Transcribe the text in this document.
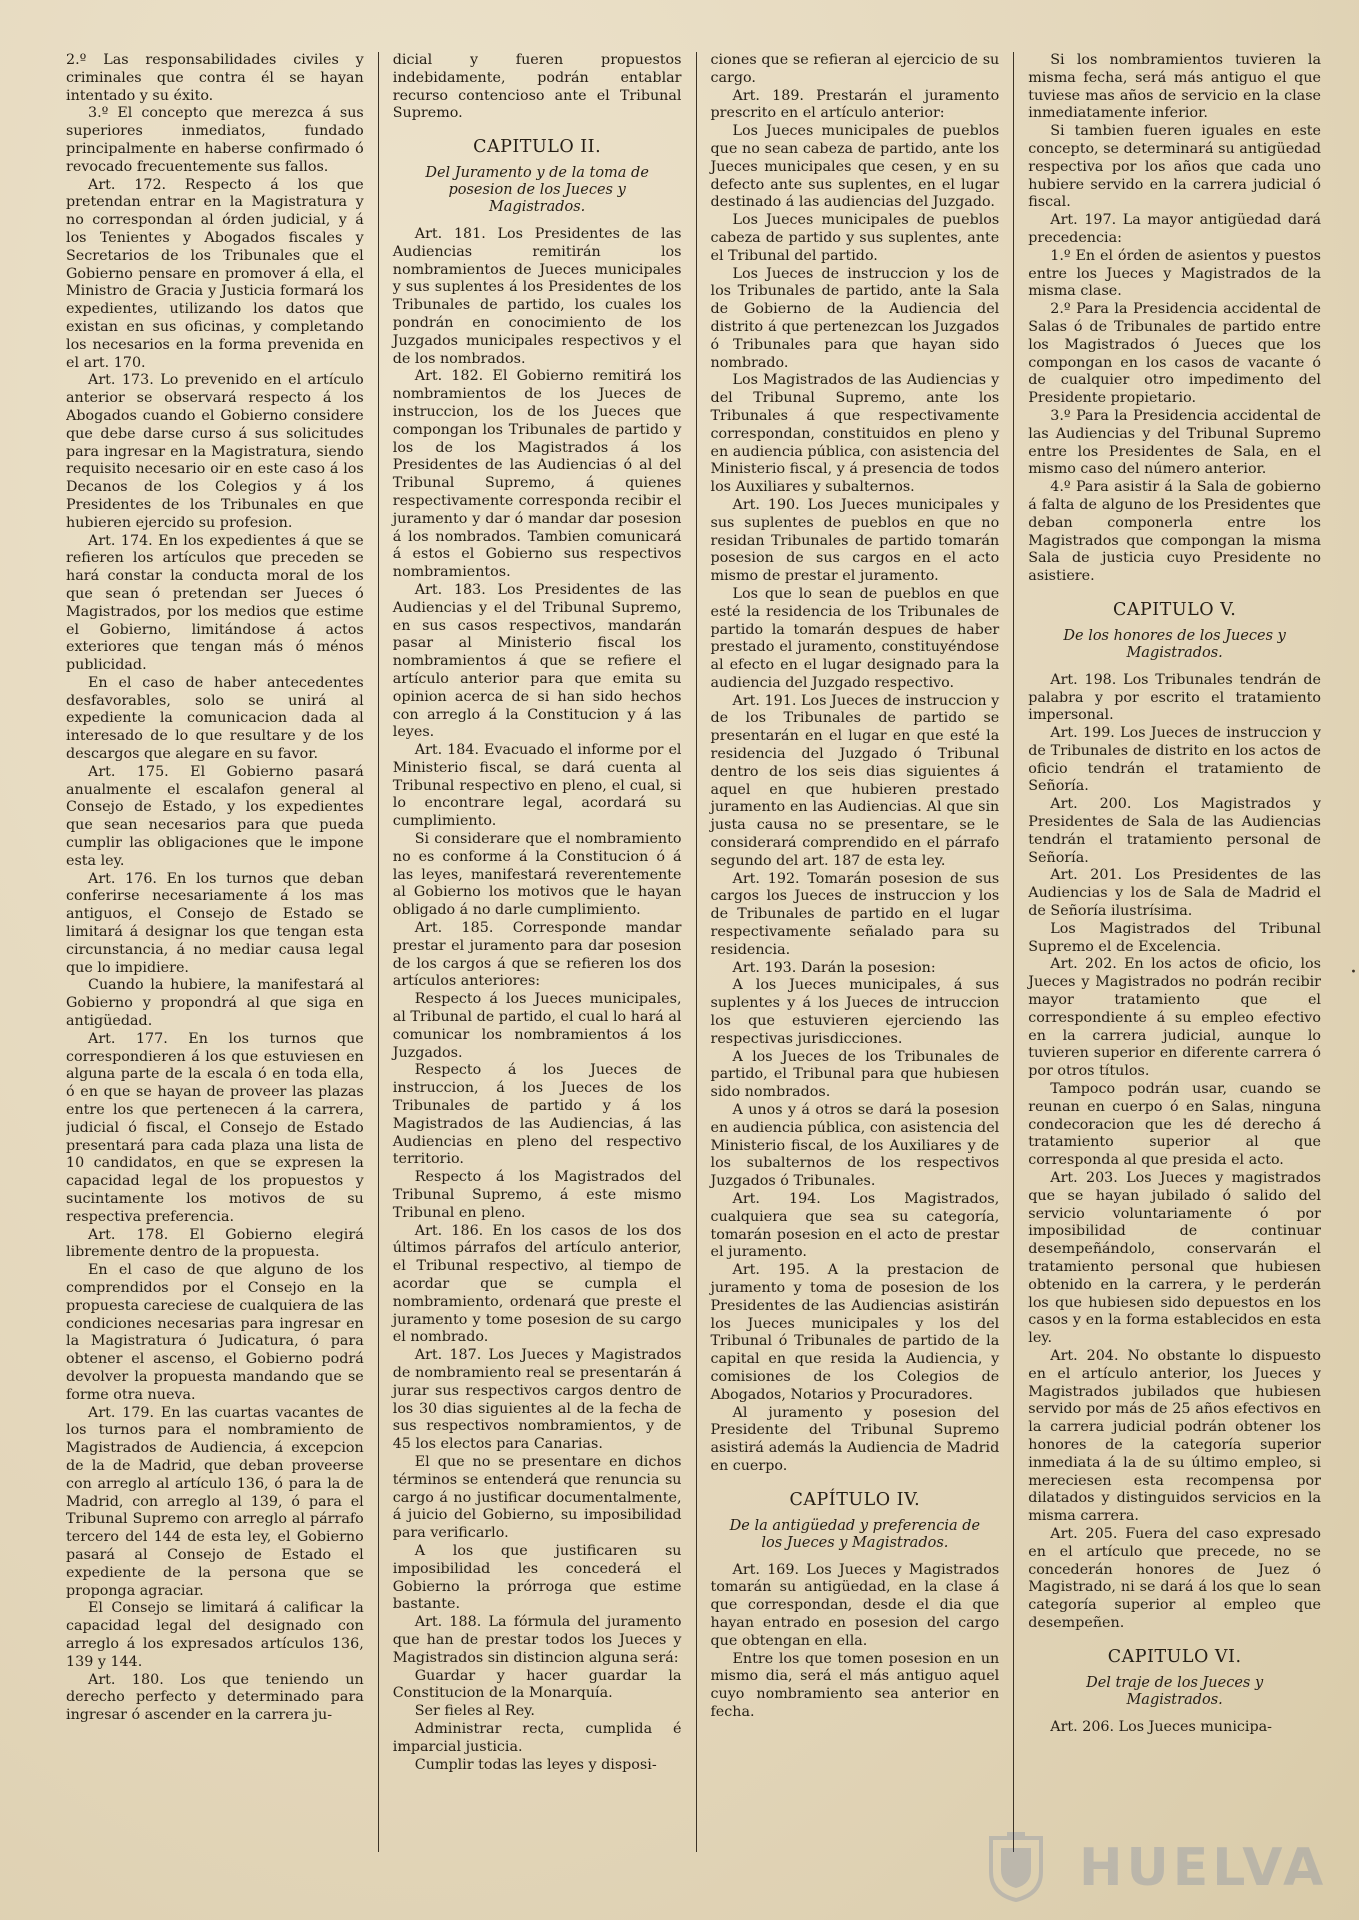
2.º Las responsabilidades civiles y criminales que contra él se hayan intentado y su éxito.

3.º El concepto que merezca á sus superiores inmediatos, fundado principalmente en haberse confirmado ó revocado frecuentemente sus fallos.

Art. 172. Respecto á los que pretendan entrar en la Magistratura y no correspondan al órden judicial, y á los Tenientes y Abogados fiscales y Secretarios de los Tribunales que el Gobierno pensare en promover á ella, el Ministro de Gracia y Justicia formará los expedientes, utilizando los datos que existan en sus oficinas, y completando los necesarios en la forma prevenida en el art. 170.

Art. 173. Lo prevenido en el artículo anterior se observará respecto á los Abogados cuando el Gobierno considere que debe darse curso á sus solicitudes para ingresar en la Magistratura, siendo requisito necesario oir en este caso á los Decanos de los Colegios y á los Presidentes de los Tribunales en que hubieren ejercido su profesion.

Art. 174. En los expedientes á que se refieren los artículos que preceden se hará constar la conducta moral de los que sean ó pretendan ser Jueces ó Magistrados, por los medios que estime el Gobierno, limitándose á actos exteriores que tengan más ó ménos publicidad.

En el caso de haber antecedentes desfavorables, solo se unirá al expediente la comunicacion dada al interesado de lo que resultare y de los descargos que alegare en su favor.

Art. 175. El Gobierno pasará anualmente el escalafon general al Consejo de Estado, y los expedientes que sean necesarios para que pueda cumplir las obligaciones que le impone esta ley.

Art. 176. En los turnos que deban conferirse necesariamente á los mas antiguos, el Consejo de Estado se limitará á designar los que tengan esta circunstancia, á no mediar causa legal que lo impidiere.

Cuando la hubiere, la manifestará al Gobierno y propondrá al que siga en antigüedad.

Art. 177. En los turnos que correspondieren á los que estuviesen en alguna parte de la escala ó en toda ella, ó en que se hayan de proveer las plazas entre los que pertenecen á la carrera, judicial ó fiscal, el Consejo de Estado presentará para cada plaza una lista de 10 candidatos, en que se expresen la capacidad legal de los propuestos y sucintamente los motivos de su respectiva preferencia.

Art. 178. El Gobierno elegirá libremente dentro de la propuesta.

En el caso de que alguno de los comprendidos por el Consejo en la propuesta careciese de cualquiera de las condiciones necesarias para ingresar en la Magistratura ó Judicatura, ó para obtener el ascenso, el Gobierno podrá devolver la propuesta mandando que se forme otra nueva.

Art. 179. En las cuartas vacantes de los turnos para el nombramiento de Magistrados de Audiencia, á excepcion de la de Madrid, que deban proveerse con arreglo al artículo 136, ó para la de Madrid, con arreglo al 139, ó para el Tribunal Supremo con arreglo al párrafo tercero del 144 de esta ley, el Gobierno pasará al Consejo de Estado el expediente de la persona que se proponga agraciar.

El Consejo se limitará á calificar la capacidad legal del designado con arreglo á los expresados artículos 136, 139 y 144.

Art. 180. Los que teniendo un derecho perfecto y determinado para ingresar ó ascender en la carrera ju-

dicial y fueren propuestos indebidamente, podrán entablar recurso contencioso ante el Tribunal Supremo.

CAPITULO II.
Del Juramento y de la toma de posesion de los Jueces y Magistrados.

Art. 181. Los Presidentes de las Audiencias remitirán los nombramientos de Jueces municipales y sus suplentes á los Presidentes de los Tribunales de partido, los cuales los pondrán en conocimiento de los Juzgados municipales respectivos y el de los nombrados.

Art. 182. El Gobierno remitirá los nombramientos de los Jueces de instruccion, los de los Jueces que compongan los Tribunales de partido y los de los Magistrados á los Presidentes de las Audiencias ó al del Tribunal Supremo, á quienes respectivamente corresponda recibir el juramento y dar ó mandar dar posesion á los nombrados. Tambien comunicará á estos el Gobierno sus respectivos nombramientos.

Art. 183. Los Presidentes de las Audiencias y el del Tribunal Supremo, en sus casos respectivos, mandarán pasar al Ministerio fiscal los nombramientos á que se refiere el artículo anterior para que emita su opinion acerca de si han sido hechos con arreglo á la Constitucion y á las leyes.

Art. 184. Evacuado el informe por el Ministerio fiscal, se dará cuenta al Tribunal respectivo en pleno, el cual, si lo encontrare legal, acordará su cumplimiento.

Si considerare que el nombramiento no es conforme á la Constitucion ó á las leyes, manifestará reverentemente al Gobierno los motivos que le hayan obligado á no darle cumplimiento.

Art. 185. Corresponde mandar prestar el juramento para dar posesion de los cargos á que se refieren los dos artículos anteriores:

Respecto á los Jueces municipales, al Tribunal de partido, el cual lo hará al comunicar los nombramientos á los Juzgados.

Respecto á los Jueces de instruccion, á los Jueces de los Tribunales de partido y á los Magistrados de las Audiencias, á las Audiencias en pleno del respectivo territorio.

Respecto á los Magistrados del Tribunal Supremo, á este mismo Tribunal en pleno.

Art. 186. En los casos de los dos últimos párrafos del artículo anterior, el Tribunal respectivo, al tiempo de acordar que se cumpla el nombramiento, ordenará que preste el juramento y tome posesion de su cargo el nombrado.

Art. 187. Los Jueces y Magistrados de nombramiento real se presentarán á jurar sus respectivos cargos dentro de los 30 dias siguientes al de la fecha de sus respectivos nombramientos, y de 45 los electos para Canarias.

El que no se presentare en dichos términos se entenderá que renuncia su cargo á no justificar documentalmente, á juicio del Gobierno, su imposibilidad para verificarlo.

A los que justificaren su imposibilidad les concederá el Gobierno la prórroga que estime bastante.

Art. 188. La fórmula del juramento que han de prestar todos los Jueces y Magistrados sin distincion alguna será:

Guardar y hacer guardar la Constitucion de la Monarquía.

Ser fieles al Rey.

Administrar recta, cumplida é imparcial justicia.

Cumplir todas las leyes y disposi-

ciones que se refieran al ejercicio de su cargo.

Art. 189. Prestarán el juramento prescrito en el artículo anterior:

Los Jueces municipales de pueblos que no sean cabeza de partido, ante los Jueces municipales que cesen, y en su defecto ante sus suplentes, en el lugar destinado á las audiencias del Juzgado.

Los Jueces municipales de pueblos cabeza de partido y sus suplentes, ante el Tribunal del partido.

Los Jueces de instruccion y los de los Tribunales de partido, ante la Sala de Gobierno de la Audiencia del distrito á que pertenezcan los Juzgados ó Tribunales para que hayan sido nombrado.

Los Magistrados de las Audiencias y del Tribunal Supremo, ante los Tribunales á que respectivamente correspondan, constituidos en pleno y en audiencia pública, con asistencia del Ministerio fiscal, y á presencia de todos los Auxiliares y subalternos.

Art. 190. Los Jueces municipales y sus suplentes de pueblos en que no residan Tribunales de partido tomarán posesion de sus cargos en el acto mismo de prestar el juramento.

Los que lo sean de pueblos en que esté la residencia de los Tribunales de partido la tomarán despues de haber prestado el juramento, constituyéndose al efecto en el lugar designado para la audiencia del Juzgado respectivo.

Art. 191. Los Jueces de instruccion y de los Tribunales de partido se presentarán en el lugar en que esté la residencia del Juzgado ó Tribunal dentro de los seis dias siguientes á aquel en que hubieren prestado juramento en las Audiencias. Al que sin justa causa no se presentare, se le considerará comprendido en el párrafo segundo del art. 187 de esta ley.

Art. 192. Tomarán posesion de sus cargos los Jueces de instruccion y los de Tribunales de partido en el lugar respectivamente señalado para su residencia.

Art. 193. Darán la posesion:

A los Jueces municipales, á sus suplentes y á los Jueces de intruccion los que estuvieren ejerciendo las respectivas jurisdicciones.

A los Jueces de los Tribunales de partido, el Tribunal para que hubiesen sido nombrados.

A unos y á otros se dará la posesion en audiencia pública, con asistencia del Ministerio fiscal, de los Auxiliares y de los subalternos de los respectivos Juzgados ó Tribunales.

Art. 194. Los Magistrados, cualquiera que sea su categoría, tomarán posesion en el acto de prestar el juramento.

Art. 195. A la prestacion de juramento y toma de posesion de los Presidentes de las Audiencias asistirán los Jueces municipales y los del Tribunal ó Tribunales de partido de la capital en que resida la Audiencia, y comisiones de los Colegios de Abogados, Notarios y Procuradores.

Al juramento y posesion del Presidente del Tribunal Supremo asistirá además la Audiencia de Madrid en cuerpo.

CAPÍTULO IV.
De la antigüedad y preferencia de los Jueces y Magistrados.

Art. 169. Los Jueces y Magistrados tomarán su antigüedad, en la clase á que correspondan, desde el dia que hayan entrado en posesion del cargo que obtengan en ella.

Entre los que tomen posesion en un mismo dia, será el más antiguo aquel cuyo nombramiento sea anterior en fecha.

Si los nombramientos tuvieren la misma fecha, será más antiguo el que tuviese mas años de servicio en la clase inmediatamente inferior.

Si tambien fueren iguales en este concepto, se determinará su antigüedad respectiva por los años que cada uno hubiere servido en la carrera judicial ó fiscal.

Art. 197. La mayor antigüedad dará precedencia:

1.º En el órden de asientos y puestos entre los Jueces y Magistrados de la misma clase.

2.º Para la Presidencia accidental de Salas ó de Tribunales de partido entre los Magistrados ó Jueces que los compongan en los casos de vacante ó de cualquier otro impedimento del Presidente propietario.

3.º Para la Presidencia accidental de las Audiencias y del Tribunal Supremo entre los Presidentes de Sala, en el mismo caso del número anterior.

4.º Para asistir á la Sala de gobierno á falta de alguno de los Presidentes que deban componerla entre los Magistrados que compongan la misma Sala de justicia cuyo Presidente no asistiere.

CAPITULO V.
De los honores de los Jueces y Magistrados.

Art. 198. Los Tribunales tendrán de palabra y por escrito el tratamiento impersonal.

Art. 199. Los Jueces de instruccion y de Tribunales de distrito en los actos de oficio tendrán el tratamiento de Señoría.

Art. 200. Los Magistrados y Presidentes de Sala de las Audiencias tendrán el tratamiento personal de Señoría.

Art. 201. Los Presidentes de las Audiencias y los de Sala de Madrid el de Señoría ilustrísima.

Los Magistrados del Tribunal Supremo el de Excelencia.

Art. 202. En los actos de oficio, los Jueces y Magistrados no podrán recibir mayor tratamiento que el correspondiente á su empleo efectivo en la carrera judicial, aunque lo tuvieren superior en diferente carrera ó por otros títulos.

Tampoco podrán usar, cuando se reunan en cuerpo ó en Salas, ninguna condecoracion que les dé derecho á tratamiento superior al que corresponda al que presida el acto.

Art. 203. Los Jueces y magistrados que se hayan jubilado ó salido del servicio voluntariamente ó por imposibilidad de continuar desempeñándolo, conservarán el tratamiento personal que hubiesen obtenido en la carrera, y le perderán los que hubiesen sido depuestos en los casos y en la forma establecidos en esta ley.

Art. 204. No obstante lo dispuesto en el artículo anterior, los Jueces y Magistrados jubilados que hubiesen servido por más de 25 años efectivos en la carrera judicial podrán obtener los honores de la categoría superior inmediata á la de su último empleo, si mereciesen esta recompensa por dilatados y distinguidos servicios en la misma carrera.

Art. 205. Fuera del caso expresado en el artículo que precede, no se concederán honores de Juez ó Magistrado, ni se dará á los que lo sean categoría superior al empleo que desempeñen.

CAPITULO VI.
Del traje de los Jueces y Magistrados.

Art. 206. Los Jueces municipa-

·
HUELVA
